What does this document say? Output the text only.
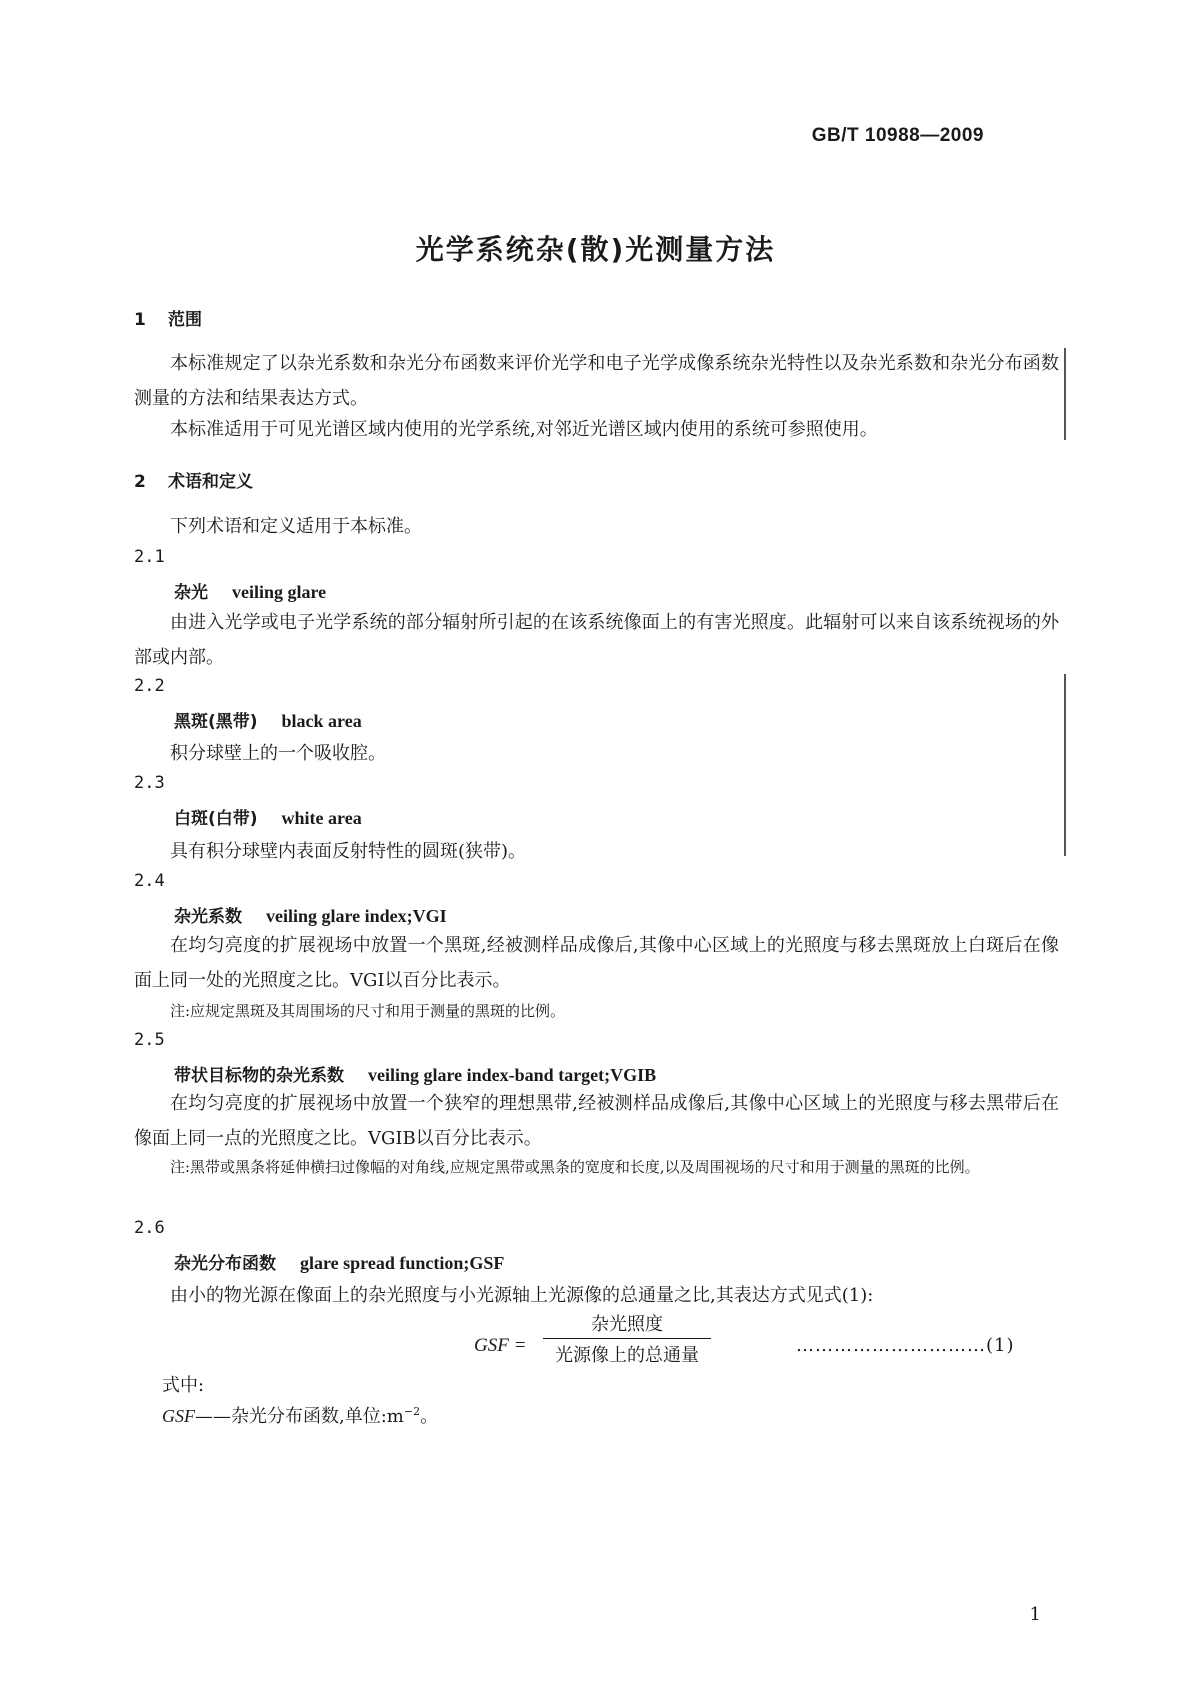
GB/T 10988—2009
光学系统杂(散)光测量方法
1 范围
本标准规定了以杂光系数和杂光分布函数来评价光学和电子光学成像系统杂光特性以及杂光系数和杂光分布函数测量的方法和结果表达方式。
本标准适用于可见光谱区域内使用的光学系统,对邻近光谱区域内使用的系统可参照使用。
2 术语和定义
下列术语和定义适用于本标准。
2.1
杂光 veiling glare
由进入光学或电子光学系统的部分辐射所引起的在该系统像面上的有害光照度。此辐射可以来自该系统视场的外部或内部。
2.2
黑斑(黑带) black area
积分球壁上的一个吸收腔。
2.3
白斑(白带) white area
具有积分球壁内表面反射特性的圆斑(狭带)。
2.4
杂光系数 veiling glare index;VGI
在均匀亮度的扩展视场中放置一个黑斑,经被测样品成像后,其像中心区域上的光照度与移去黑斑放上白斑后在像面上同一处的光照度之比。VGI以百分比表示。
注:应规定黑斑及其周围场的尺寸和用于测量的黑斑的比例。
2.5
带状目标物的杂光系数 veiling glare index-band target;VGIB
在均匀亮度的扩展视场中放置一个狭窄的理想黑带,经被测样品成像后,其像中心区域上的光照度与移去黑带后在像面上同一点的光照度之比。VGIB以百分比表示。
注:黑带或黑条将延伸横扫过像幅的对角线,应规定黑带或黑条的宽度和长度,以及周围视场的尺寸和用于测量的黑斑的比例。
2.6
杂光分布函数 glare spread function;GSF
由小的物光源在像面上的杂光照度与小光源轴上光源像的总通量之比,其表达方式见式(1):
GSF =
杂光照度
光源像上的总通量	…………………………(1)
式中:
GSF——杂光分布函数,单位$:m^{-2}$。
1
